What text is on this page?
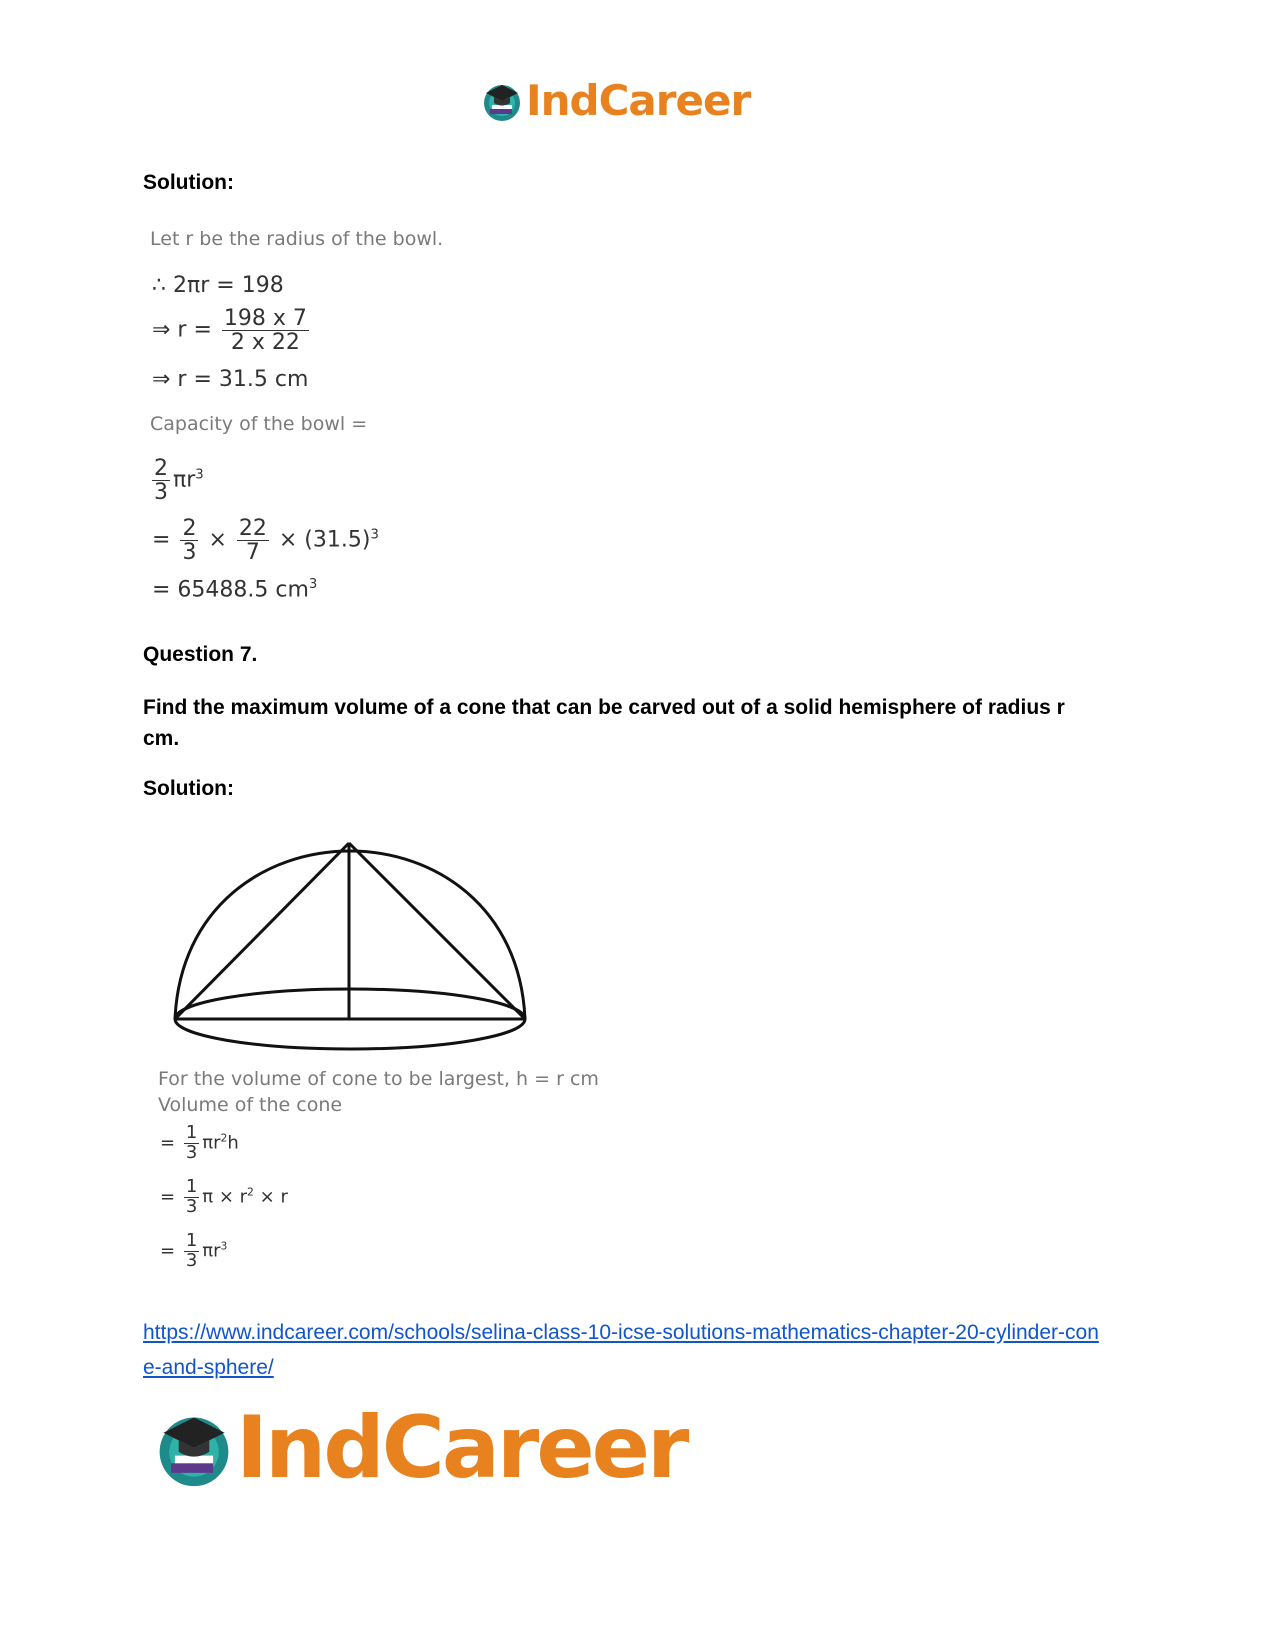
IndCareer
Solution:
Let r be the radius of the bowl.
∴ 2πr = 198
⇒ $r = \frac{198 x 7}{2 x 22}$
⇒ r = 31.5 cm
Capacity of the bowl =
$\frac{2}{3} \pi r^3$
= $\frac{2}{3} \times \frac{22}{7} \times (31.5)^3$
= 65488.5 $cm^3$
Question 7.
Find the maximum volume of a cone that can be carved out of a solid hemisphere of radius r cm.
Solution:
For the volume of cone to be largest, h = r cm
Volume of the cone
= $\frac{1}{3} \pi r^2h$
= $\frac{1}{3}$ $\pi \times r^2 \times r$
= $\frac{1}{3} \pi r^3$
https://www.indcareer.com/schools/selina-class-10-icse-solutions-mathematics-chapter-20-cylinder-cone-and-sphere/
IndCareer
